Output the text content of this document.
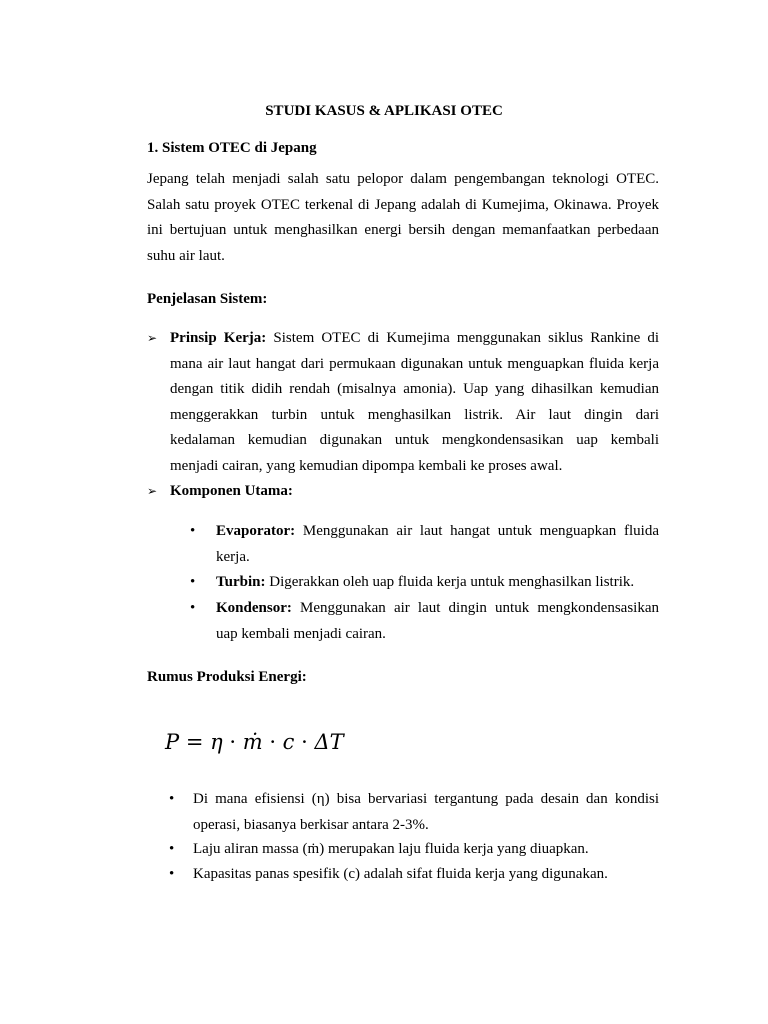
STUDI KASUS & APLIKASI OTEC
1. Sistem OTEC di Jepang
Jepang telah menjadi salah satu pelopor dalam pengembangan teknologi OTEC.
Salah satu proyek OTEC terkenal di Jepang adalah di Kumejima, Okinawa. Proyek
ini bertujuan untuk menghasilkan energi bersih dengan memanfaatkan perbedaan
suhu air laut.
Penjelasan Sistem:
➢ Prinsip Kerja: Sistem OTEC di Kumejima menggunakan siklus Rankine di
mana air laut hangat dari permukaan digunakan untuk menguapkan fluida kerja
dengan titik didih rendah (misalnya amonia). Uap yang dihasilkan kemudian
menggerakkan turbin untuk menghasilkan listrik. Air laut dingin dari
kedalaman kemudian digunakan untuk mengkondensasikan uap kembali
menjadi cairan, yang kemudian dipompa kembali ke proses awal.
➢ Komponen Utama:
• Evaporator: Menggunakan air laut hangat untuk menguapkan fluida
kerja.
• Turbin: Digerakkan oleh uap fluida kerja untuk menghasilkan listrik.
• Kondensor: Menggunakan air laut dingin untuk mengkondensasikan
uap kembali menjadi cairan.
Rumus Produksi Energi:
P = η · ṁ · c · ΔT
• Di mana efisiensi (η) bisa bervariasi tergantung pada desain dan kondisi
operasi, biasanya berkisar antara 2-3%.
• Laju aliran massa (ṁ) merupakan laju fluida kerja yang diuapkan.
• Kapasitas panas spesifik (c) adalah sifat fluida kerja yang digunakan.
